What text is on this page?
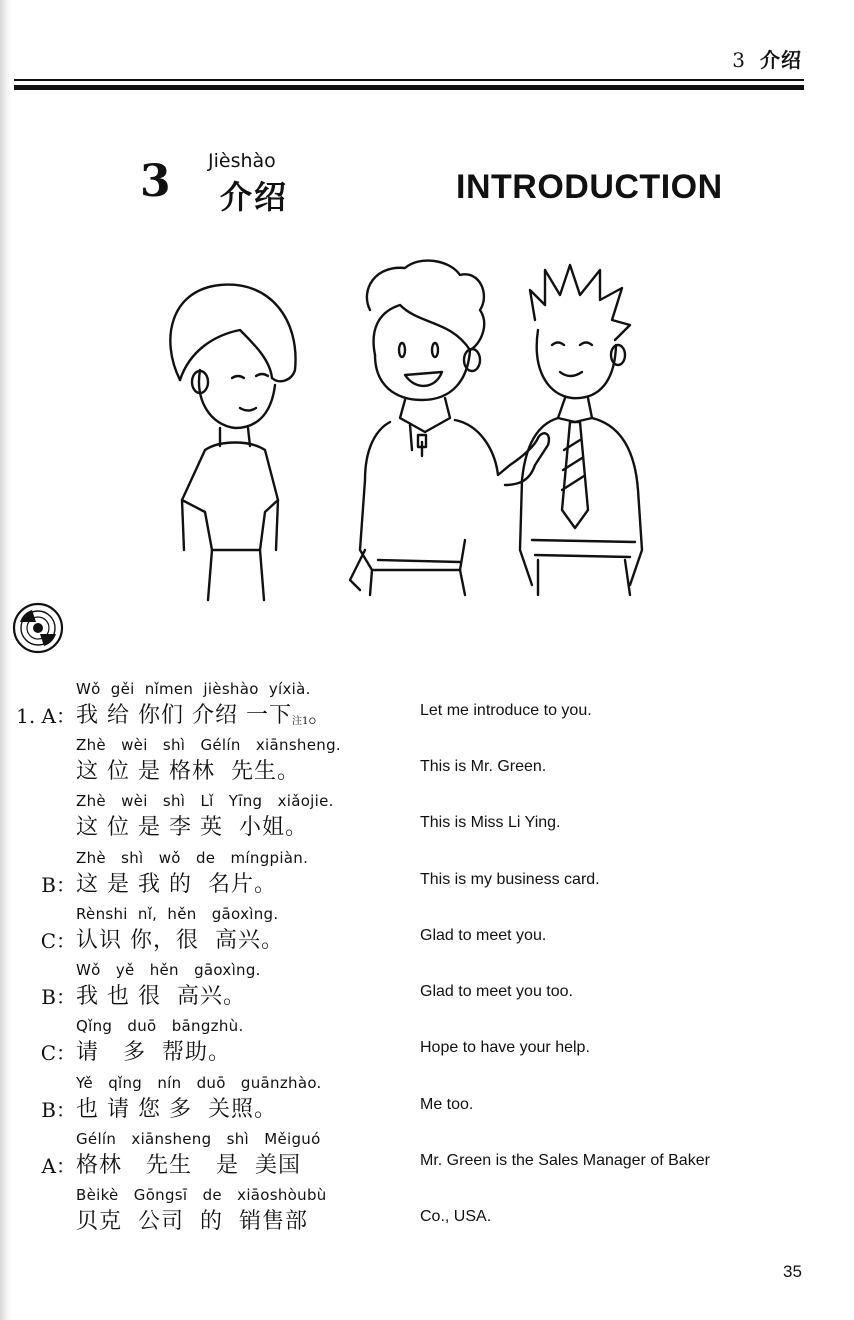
3 介绍
3 Jièshào
介绍	INTRODUCTION
Wǒ  gěi  nǐmen  jièshào  yíxià.
1. A： 我 给 你们 介绍 一下注1。	Let me introduce to you.
Zhè   wèi   shì   Gélín   xiānsheng.
这 位 是 格林  先生。	This is Mr. Green.
Zhè   wèi   shì   Lǐ   Yīng   xiǎojie.
这 位 是 李 英  小姐。	This is Miss Li Ying.
Zhè   shì   wǒ   de   míngpiàn.
B： 这 是 我 的  名片。	This is my business card.
Rènshi  nǐ,  hěn   gāoxìng.
C： 认识 你，很  高兴。	Glad to meet you.
Wǒ   yě   hěn   gāoxìng.
B： 我 也 很  高兴。	Glad to meet you too.
Qǐng   duō   bāngzhù.
C： 请   多  帮助。	Hope to have your help.
Yě   qǐng   nín   duō   guānzhào.
B： 也 请 您 多  关照。	Me too.
Gélín   xiānsheng   shì   Měiguó
A： 格林   先生   是  美国	Mr. Green is the Sales Manager of Baker
Bèikè   Gōngsī   de   xiāoshòubù
贝克  公司  的  销售部	Co., USA.
35
